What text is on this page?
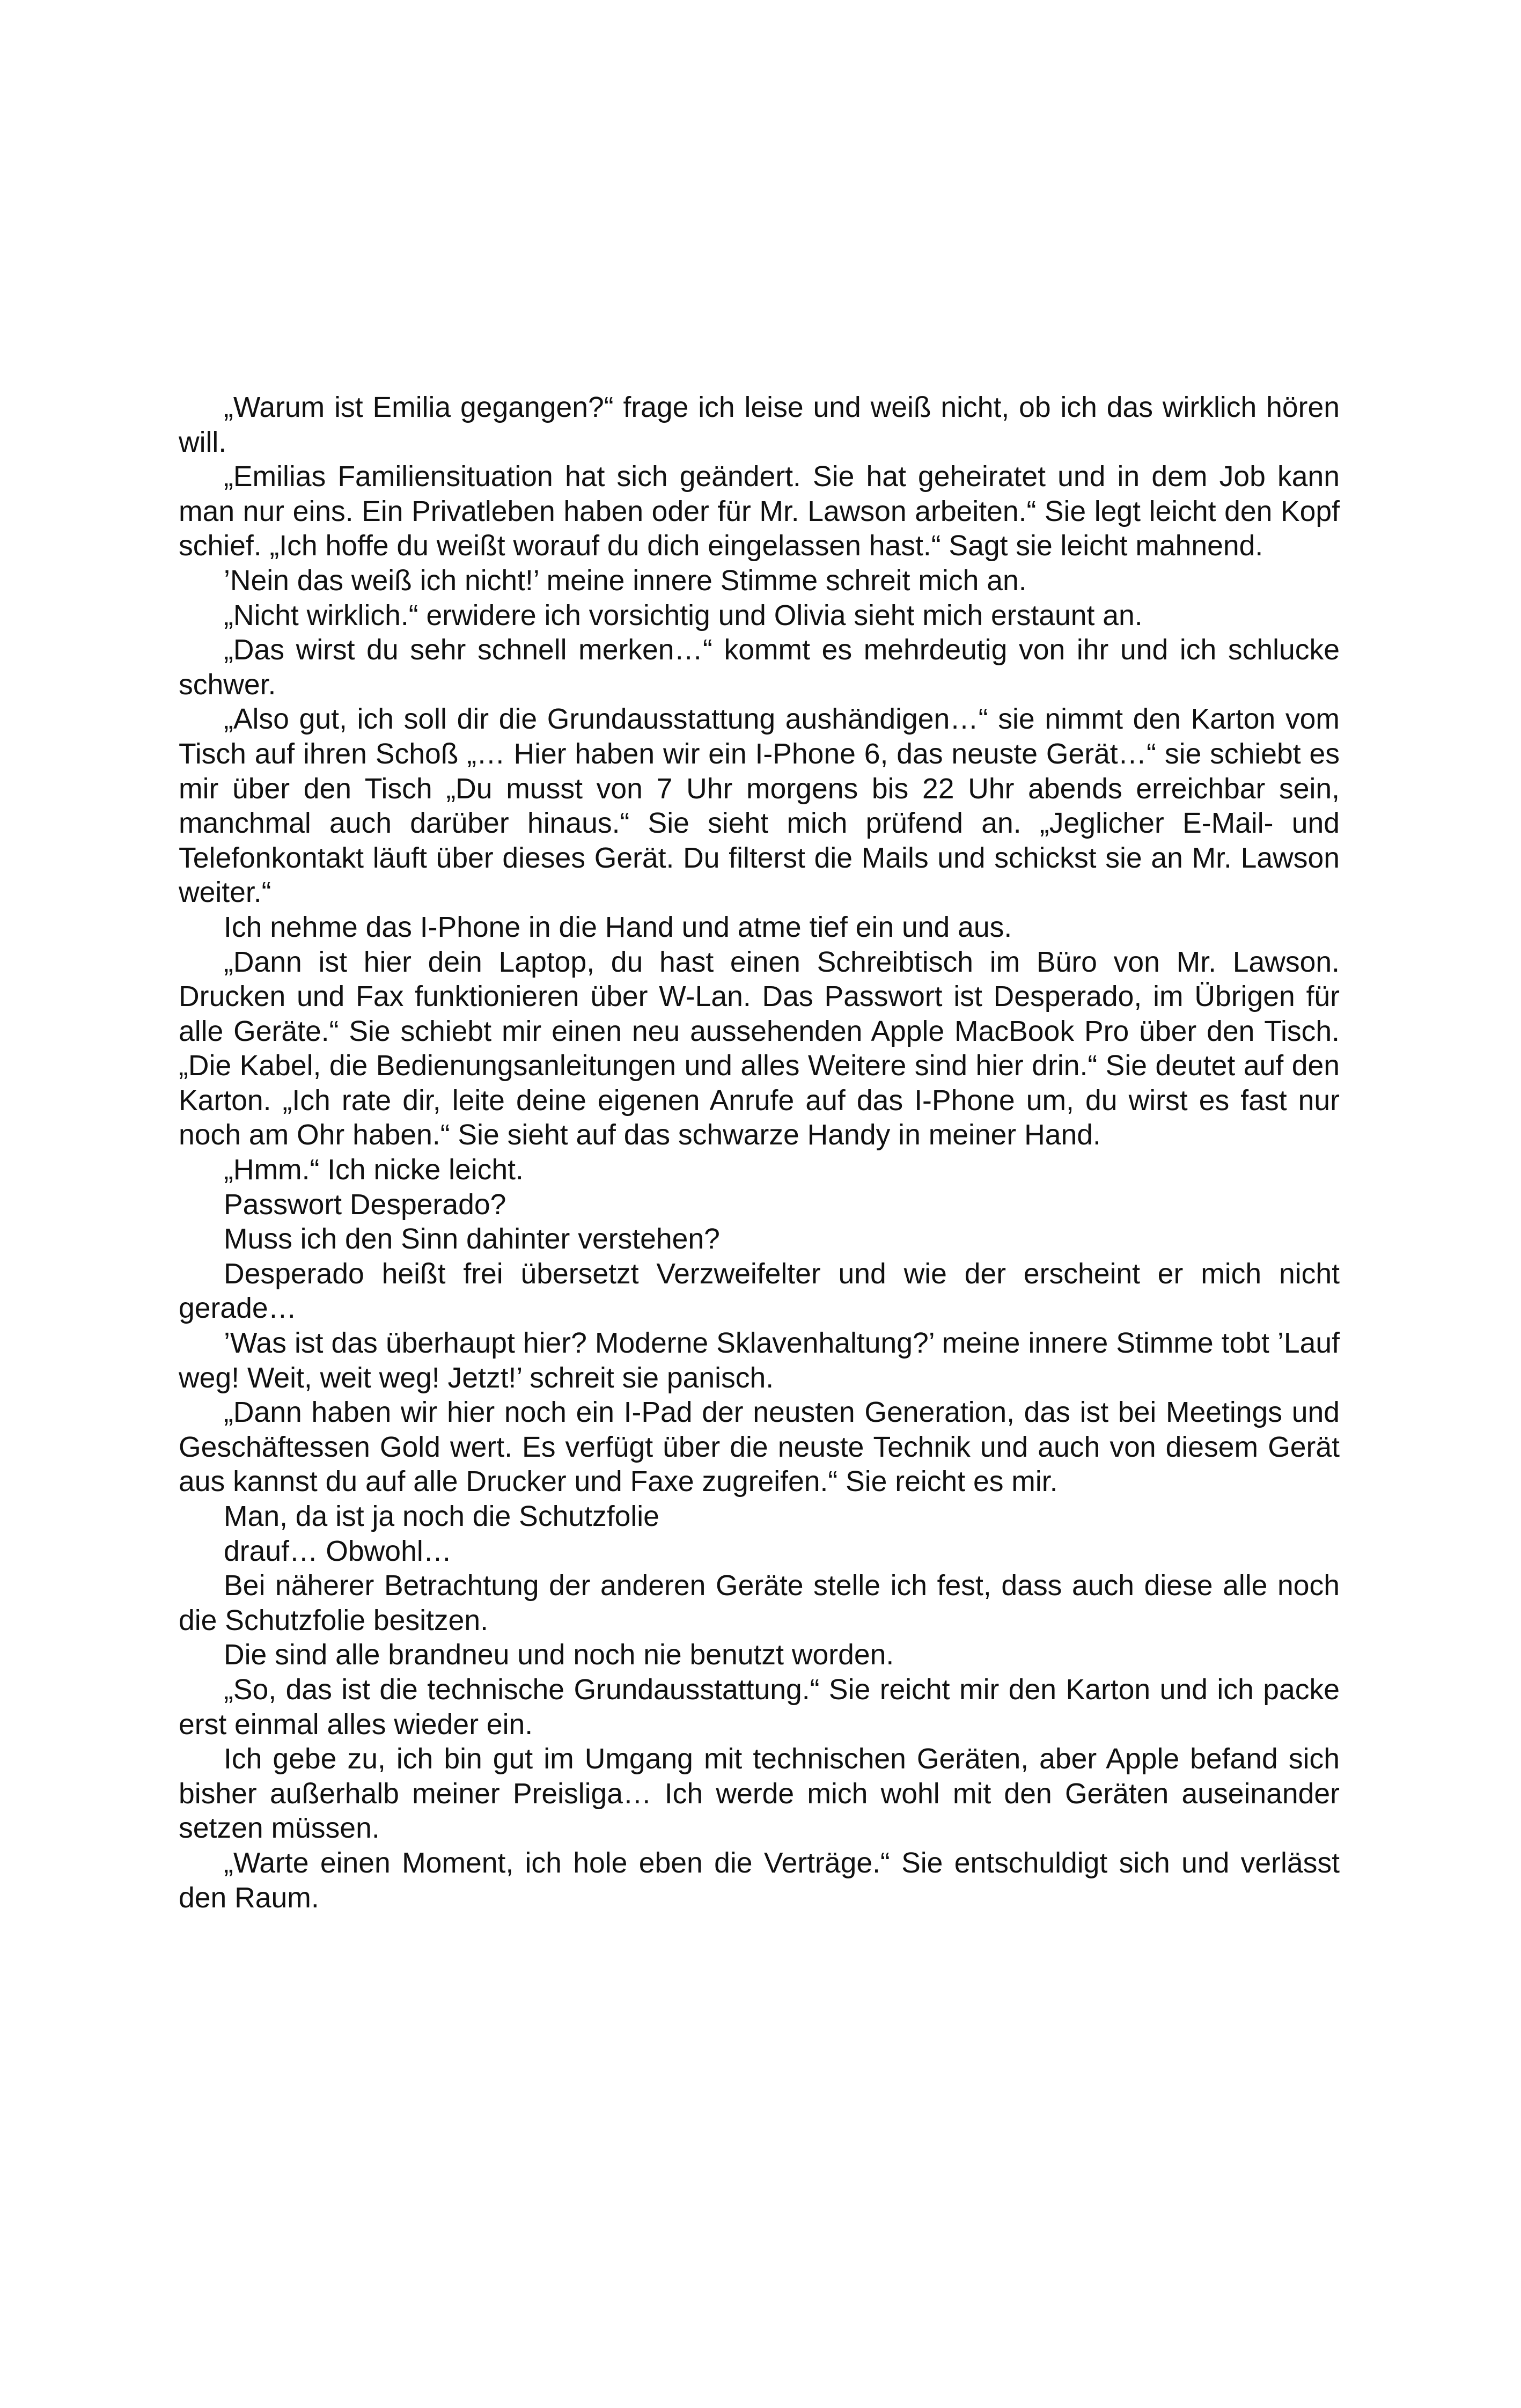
„Warum ist Emilia gegangen?“ frage ich leise und weiß nicht, ob ich das wirklich hören will.

„Emilias Familiensituation hat sich geändert. Sie hat geheiratet und in dem Job kann man nur eins. Ein Privatleben haben oder für Mr. Lawson arbeiten.“ Sie legt leicht den Kopf schief. „Ich hoffe du weißt worauf du dich eingelassen hast.“ Sagt sie leicht mahnend.

’Nein das weiß ich nicht!’ meine innere Stimme schreit mich an.

„Nicht wirklich.“ erwidere ich vorsichtig und Olivia sieht mich erstaunt an.

„Das wirst du sehr schnell merken…“ kommt es mehrdeutig von ihr und ich schlucke schwer.

„Also gut, ich soll dir die Grundausstattung aushändigen…“ sie nimmt den Karton vom Tisch auf ihren Schoß „… Hier haben wir ein I-Phone 6, das neuste Gerät…“ sie schiebt es mir über den Tisch „Du musst von 7 Uhr morgens bis 22 Uhr abends erreichbar sein, manchmal auch darüber hinaus.“ Sie sieht mich prüfend an. „Jeglicher E-Mail- und Telefonkontakt läuft über dieses Gerät. Du filterst die Mails und schickst sie an Mr. Lawson weiter.“

Ich nehme das I-Phone in die Hand und atme tief ein und aus.

„Dann ist hier dein Laptop, du hast einen Schreibtisch im Büro von Mr. Lawson. Drucken und Fax funktionieren über W-Lan. Das Passwort ist Desperado, im Übrigen für alle Geräte.“ Sie schiebt mir einen neu aussehenden Apple MacBook Pro über den Tisch. „Die Kabel, die Bedienungsanleitungen und alles Weitere sind hier drin.“ Sie deutet auf den Karton. „Ich rate dir, leite deine eigenen Anrufe auf das I-Phone um, du wirst es fast nur noch am Ohr haben.“ Sie sieht auf das schwarze Handy in meiner Hand.

„Hmm.“ Ich nicke leicht.

Passwort Desperado?

Muss ich den Sinn dahinter verstehen?

Desperado heißt frei übersetzt Verzweifelter und wie der erscheint er mich nicht gerade…

’Was ist das überhaupt hier? Moderne Sklavenhaltung?’ meine innere Stimme tobt ’Lauf weg! Weit, weit weg! Jetzt!’ schreit sie panisch.

„Dann haben wir hier noch ein I-Pad der neusten Generation, das ist bei Meetings und Geschäftessen Gold wert. Es verfügt über die neuste Technik und auch von diesem Gerät aus kannst du auf alle Drucker und Faxe zugreifen.“ Sie reicht es mir.

Man, da ist ja noch die Schutzfolie

drauf… Obwohl…

Bei näherer Betrachtung der anderen Geräte stelle ich fest, dass auch diese alle noch die Schutzfolie besitzen.

Die sind alle brandneu und noch nie benutzt worden.

„So, das ist die technische Grundausstattung.“ Sie reicht mir den Karton und ich packe erst einmal alles wieder ein.

Ich gebe zu, ich bin gut im Umgang mit technischen Geräten, aber Apple befand sich bisher außerhalb meiner Preisliga… Ich werde mich wohl mit den Geräten auseinander setzen müssen.

„Warte einen Moment, ich hole eben die Verträge.“ Sie entschuldigt sich und verlässt den Raum.
